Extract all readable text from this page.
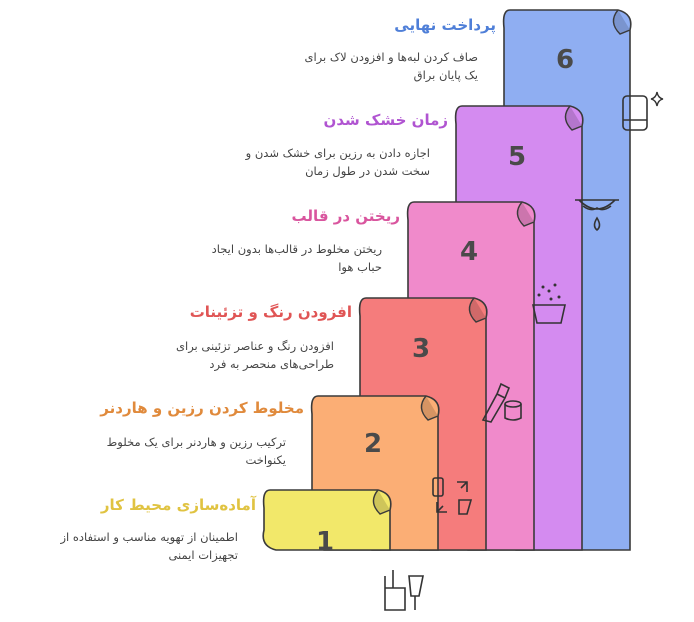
6
5
4
3
2
1
آماده‌سازی محیط کار
اطمینان از تهویه مناسب و استفاده از تجهیزات ایمنی
مخلوط کردن رزین و هاردنر
ترکیب رزین و هاردنر برای یک مخلوط یکنواخت
افزودن رنگ و تزئینات
افزودن رنگ و عناصر تزئینی برای طراحی‌های منحصر به فرد
ریختن در قالب
ریختن مخلوط در قالب‌ها بدون ایجاد حباب هوا
زمان خشک شدن
اجازه دادن به رزین برای خشک شدن و سخت شدن در طول زمان
پرداخت نهایی
صاف کردن لبه‌ها و افزودن لاک برای یک پایان براق
